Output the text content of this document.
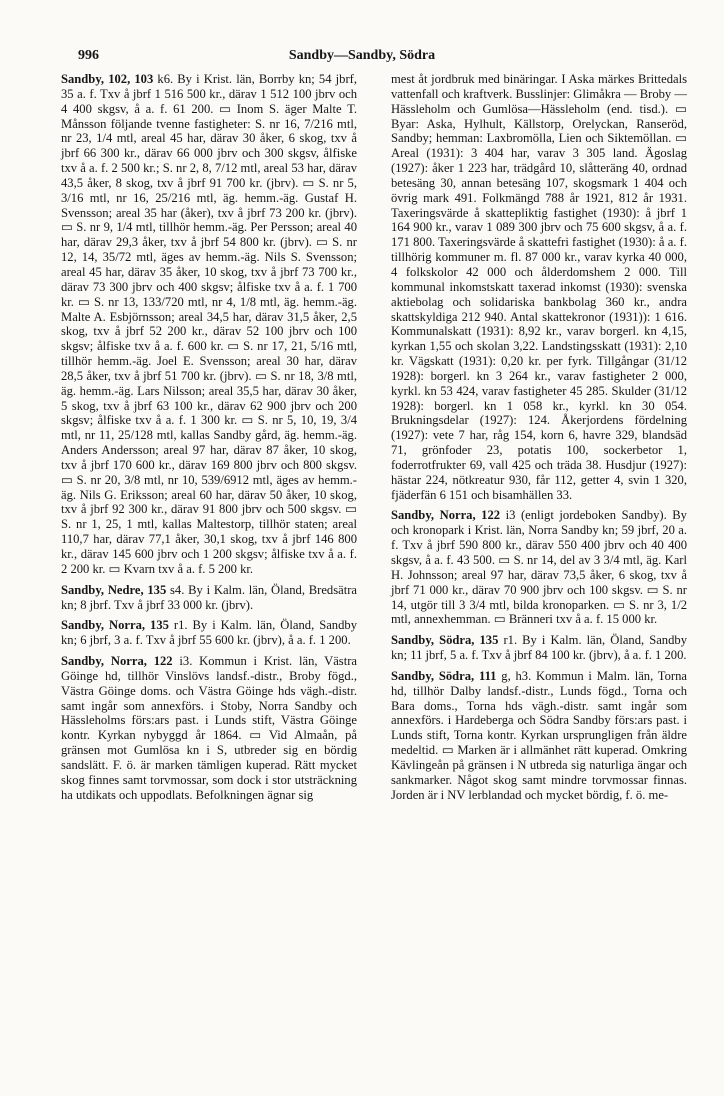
996	Sandby—Sandby, Södra

Sandby, 102, 103 k6. By i Krist. län, Borrby kn; 54 jbrf, 35 a. f. Txv å jbrf 1 516 500 kr., därav 1 512 100 jbrv och 4 400 skgsv, å a. f. 61 200. ▭ Inom S. äger Malte T. Månsson följande tvenne fastigheter: S. nr 16, 7/216 mtl, nr 23, 1/4 mtl, areal 45 har, därav 30 åker, 6 skog, txv å jbrf 66 300 kr., därav 66 000 jbrv och 300 skgsv, ålfiske txv å a. f. 2 500 kr.; S. nr 2, 8, 7/12 mtl, areal 53 har, därav 43,5 åker, 8 skog, txv å jbrf 91 700 kr. (jbrv). ▭ S. nr 5, 3/16 mtl, nr 16, 25/216 mtl, äg. hemm.-äg. Gustaf H. Svensson; areal 35 har (åker), txv å jbrf 73 200 kr. (jbrv). ▭ S. nr 9, 1/4 mtl, tillhör hemm.-äg. Per Persson; areal 40 har, därav 29,3 åker, txv å jbrf 54 800 kr. (jbrv). ▭ S. nr 12, 14, 35/72 mtl, äges av hemm.-äg. Nils S. Svensson; areal 45 har, därav 35 åker, 10 skog, txv å jbrf 73 700 kr., därav 73 300 jbrv och 400 skgsv; ålfiske txv å a. f. 1 700 kr. ▭ S. nr 13, 133/720 mtl, nr 4, 1/8 mtl, äg. hemm.-äg. Malte A. Esbjörnsson; areal 34,5 har, därav 31,5 åker, 2,5 skog, txv å jbrf 52 200 kr., därav 52 100 jbrv och 100 skgsv; ålfiske txv å a. f. 600 kr. ▭ S. nr 17, 21, 5/16 mtl, tillhör hemm.-äg. Joel E. Svensson; areal 30 har, därav 28,5 åker, txv å jbrf 51 700 kr. (jbrv). ▭ S. nr 18, 3/8 mtl, äg. hemm.-äg. Lars Nilsson; areal 35,5 har, därav 30 åker, 5 skog, txv å jbrf 63 100 kr., därav 62 900 jbrv och 200 skgsv; ålfiske txv å a. f. 1 300 kr. ▭ S. nr 5, 10, 19, 3/4 mtl, nr 11, 25/128 mtl, kallas Sandby gård, äg. hemm.-äg. Anders Andersson; areal 97 har, därav 87 åker, 10 skog, txv å jbrf 170 600 kr., därav 169 800 jbrv och 800 skgsv. ▭ S. nr 20, 3/8 mtl, nr 10, 539/6912 mtl, äges av hemm.-äg. Nils G. Eriksson; areal 60 har, därav 50 åker, 10 skog, txv å jbrf 92 300 kr., därav 91 800 jbrv och 500 skgsv. ▭ S. nr 1, 25, 1 mtl, kallas Maltestorp, tillhör staten; areal 110,7 har, därav 77,1 åker, 30,1 skog, txv å jbrf 146 800 kr., därav 145 600 jbrv och 1 200 skgsv; ålfiske txv å a. f. 2 200 kr. ▭ Kvarn txv å a. f. 5 200 kr.

Sandby, Nedre, 135 s4. By i Kalm. län, Öland, Bredsätra kn; 8 jbrf. Txv å jbrf 33 000 kr. (jbrv).

Sandby, Norra, 135 r1. By i Kalm. län, Öland, Sandby kn; 6 jbrf, 3 a. f. Txv å jbrf 55 600 kr. (jbrv), å a. f. 1 200.

Sandby, Norra, 122 i3. Kommun i Krist. län, Västra Göinge hd, tillhör Vinslövs landsf.-distr., Broby fögd., Västra Göinge doms. och Västra Göinge hds vägh.-distr. samt ingår som annexförs. i Stoby, Norra Sandby och Hässleholms förs:ars past. i Lunds stift, Västra Göinge kontr. Kyrkan nybyggd år 1864. ▭ Vid Almaån, på gränsen mot Gumlösa kn i S, utbreder sig en bördig sandslätt. F. ö. är marken tämligen kuperad. Rätt mycket skog finnes samt torvmossar, som dock i stor utsträckning ha utdikats och uppodlats. Befolkningen ägnar sig

mest åt jordbruk med binäringar. I Aska märkes Brittedals vattenfall och kraftverk. Busslinjer: Glimåkra — Broby — Hässleholm och Gumlösa—Hässleholm (end. tisd.). ▭ Byar: Aska, Hylhult, Källstorp, Orelyckan, Ranseröd, Sandby; hemman: Laxbromölla, Lien och Siktemöllan. ▭ Areal (1931): 3 404 har, varav 3 305 land. Ägoslag (1927): åker 1 223 har, trädgård 10, slåtteräng 40, ordnad betesäng 30, annan betesäng 107, skogsmark 1 404 och övrig mark 491. Folkmängd 788 år 1921, 812 år 1931. Taxeringsvärde å skattepliktig fastighet (1930): å jbrf 1 164 900 kr., varav 1 089 300 jbrv och 75 600 skgsv, å a. f. 171 800. Taxeringsvärde å skattefri fastighet (1930): å a. f. tillhörig kommuner m. fl. 87 000 kr., varav kyrka 40 000, 4 folkskolor 42 000 och ålderdomshem 2 000. Till kommunal inkomstskatt taxerad inkomst (1930): svenska aktiebolag och solidariska bankbolag 360 kr., andra skattskyldiga 212 940. Antal skattekronor (1931)): 1 616. Kommunalskatt (1931): 8,92 kr., varav borgerl. kn 4,15, kyrkan 1,55 och skolan 3,22. Landstingsskatt (1931): 2,10 kr. Vägskatt (1931): 0,20 kr. per fyrk. Tillgångar (31/12 1928): borgerl. kn 3 264 kr., varav fastigheter 2 000, kyrkl. kn 53 424, varav fastigheter 45 285. Skulder (31/12 1928): borgerl. kn 1 058 kr., kyrkl. kn 30 054. Brukningsdelar (1927): 124. Åkerjordens fördelning (1927): vete 7 har, råg 154, korn 6, havre 329, blandsäd 71, grönfoder 23, potatis 100, sockerbetor 1, foderrotfrukter 69, vall 425 och träda 38. Husdjur (1927): hästar 224, nötkreatur 930, får 112, getter 4, svin 1 320, fjäderfän 6 151 och bisamhällen 33.

Sandby, Norra, 122 i3 (enligt jordeboken Sandby). By och kronopark i Krist. län, Norra Sandby kn; 59 jbrf, 20 a. f. Txv å jbrf 590 800 kr., därav 550 400 jbrv och 40 400 skgsv, å a. f. 43 500. ▭ S. nr 14, del av 3 3/4 mtl, äg. Karl H. Johnsson; areal 97 har, därav 73,5 åker, 6 skog, txv å jbrf 71 000 kr., därav 70 900 jbrv och 100 skgsv. ▭ S. nr 14, utgör till 3 3/4 mtl, bilda kronoparken. ▭ S. nr 3, 1/2 mtl, annexhemman. ▭ Bränneri txv å a. f. 15 000 kr.

Sandby, Södra, 135 r1. By i Kalm. län, Öland, Sandby kn; 11 jbrf, 5 a. f. Txv å jbrf 84 100 kr. (jbrv), å a. f. 1 200.

Sandby, Södra, 111 g, h3. Kommun i Malm. län, Torna hd, tillhör Dalby landsf.-distr., Lunds fögd., Torna och Bara doms., Torna hds vägh.-distr. samt ingår som annexförs. i Hardeberga och Södra Sandby förs:ars past. i Lunds stift, Torna kontr. Kyrkan ursprungligen från äldre medeltid. ▭ Marken är i allmänhet rätt kuperad. Omkring Kävlingeån på gränsen i N utbreda sig naturliga ängar och sankmarker. Något skog samt mindre torvmossar finnas. Jorden är i NV lerblandad och mycket bördig, f. ö. me-
